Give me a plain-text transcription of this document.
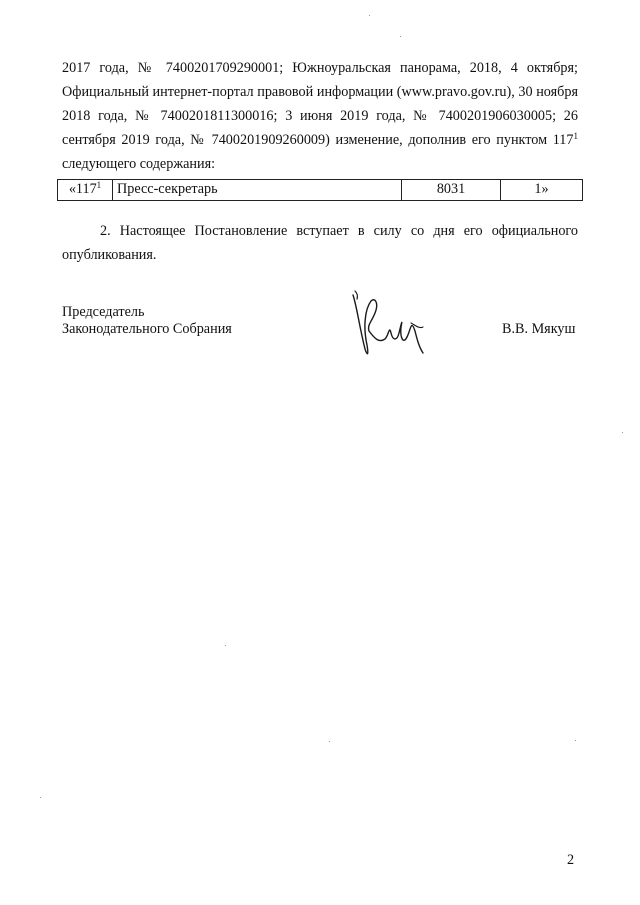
2017 года, № 7400201709290001; Южноуральская панорама, 2018, 4 октября; Официальный интернет-портал правовой информации (www.pravo.gov.ru), 30 ноября 2018 года, № 7400201811300016; 3 июня 2019 года, № 7400201906030005; 26 сентября 2019 года, № 7400201909260009) изменение, дополнив его пунктом $117^1$ следующего содержания:

«$117^1$	Пресс-секретарь	8031	1»

2. Настоящее Постановление вступает в силу со дня его официального опубликования.

Председатель
Законодательного Собрания	В.В. Мякуш
2
